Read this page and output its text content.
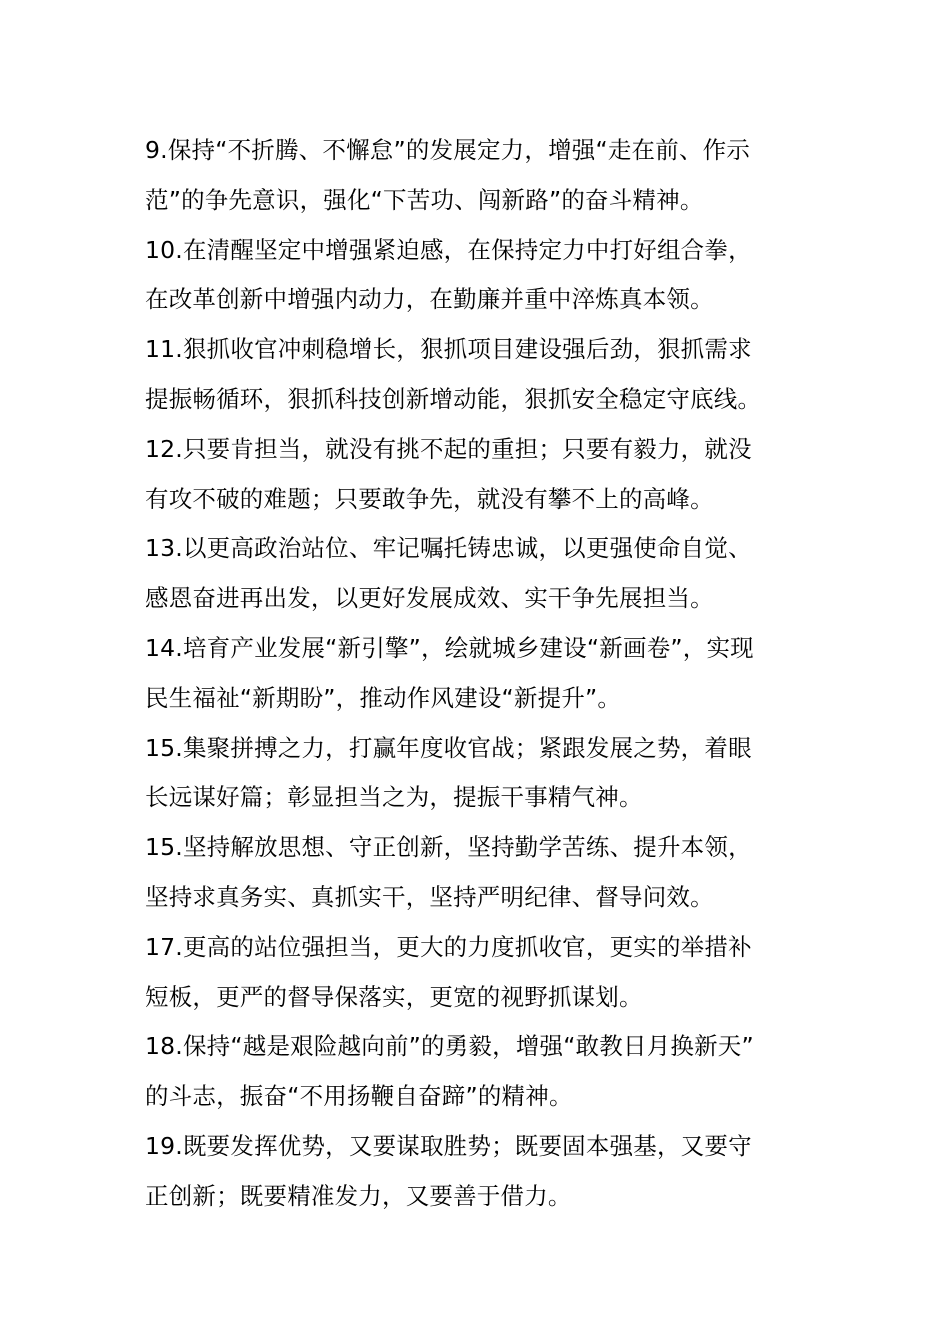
9.保持“不折腾、不懈怠”的发展定力，增强“走在前、作示
范”的争先意识，强化“下苦功、闯新路”的奋斗精神。
10.在清醒坚定中增强紧迫感，在保持定力中打好组合拳，
在改革创新中增强内动力，在勤廉并重中淬炼真本领。
11.狠抓收官冲刺稳增长，狠抓项目建设强后劲，狠抓需求
提振畅循环，狠抓科技创新增动能，狠抓安全稳定守底线。
12.只要肯担当，就没有挑不起的重担；只要有毅力，就没
有攻不破的难题；只要敢争先，就没有攀不上的高峰。
13.以更高政治站位、牢记嘱托铸忠诚，以更强使命自觉、
感恩奋进再出发，以更好发展成效、实干争先展担当。
14.培育产业发展“新引擎”，绘就城乡建设“新画卷”，实现
民生福祉“新期盼”，推动作风建设“新提升”。
15.集聚拼搏之力，打赢年度收官战；紧跟发展之势，着眼
长远谋好篇；彰显担当之为，提振干事精气神。
15.坚持解放思想、守正创新，坚持勤学苦练、提升本领，
坚持求真务实、真抓实干，坚持严明纪律、督导问效。
17.更高的站位强担当，更大的力度抓收官，更实的举措补
短板，更严的督导保落实，更宽的视野抓谋划。
18.保持“越是艰险越向前”的勇毅，增强“敢教日月换新天”
的斗志，振奋“不用扬鞭自奋蹄”的精神。
19.既要发挥优势，又要谋取胜势；既要固本强基，又要守
正创新；既要精准发力，又要善于借力。
